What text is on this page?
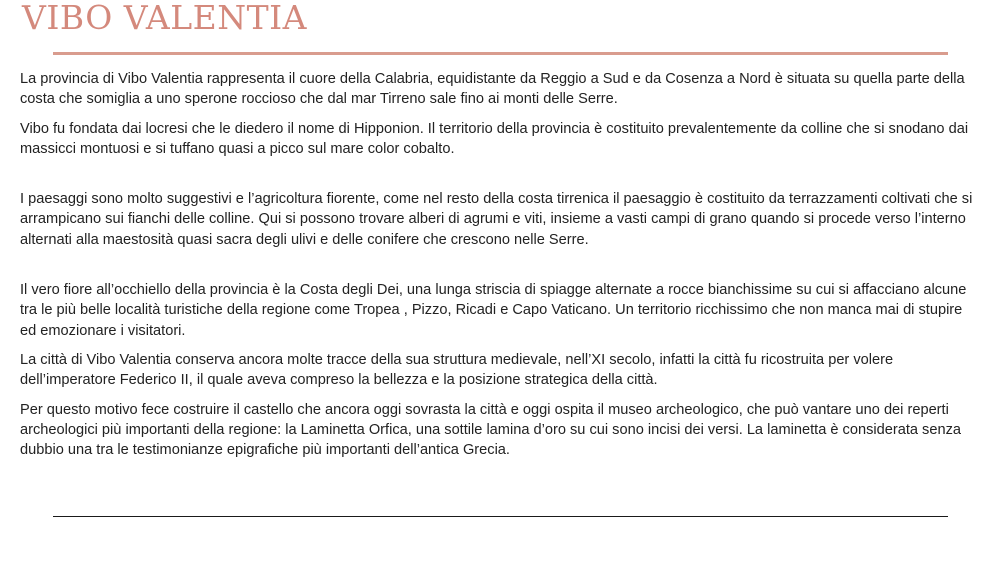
VIBO VALENTIA

La provincia di Vibo Valentia rappresenta il cuore della Calabria, equidistante da Reggio a Sud e da Cosenza a Nord è situata su quella parte della costa che somiglia a uno sperone roccioso che dal mar Tirreno sale fino ai monti delle Serre.

Vibo fu fondata dai locresi che le diedero il nome di Hipponion. Il territorio della provincia è costituito prevalentemente da colline che si snodano dai massicci montuosi e si tuffano quasi a picco sul mare color cobalto.

I paesaggi sono molto suggestivi e l’agricoltura fiorente, come nel resto della costa tirrenica il paesaggio è costituito da terrazzamenti coltivati che si arrampicano sui fianchi delle colline. Qui si possono trovare alberi di agrumi e viti, insieme a vasti campi di grano quando si procede verso l’interno alternati alla maestosità quasi sacra degli ulivi e delle conifere che crescono nelle Serre.

Il vero fiore all’occhiello della provincia è la Costa degli Dei, una lunga striscia di spiagge alternate a rocce bianchissime su cui si affacciano alcune tra le più belle località turistiche della regione come Tropea , Pizzo, Ricadi e Capo Vaticano. Un territorio ricchissimo che non manca mai di stupire ed emozionare i visitatori.

La città di Vibo Valentia conserva ancora molte tracce della sua struttura medievale, nell’XI secolo, infatti la città fu ricostruita per volere dell’imperatore Federico II, il quale aveva compreso la bellezza e la posizione strategica della città.

Per questo motivo fece costruire il castello che ancora oggi sovrasta la città e oggi ospita il museo archeologico, che può vantare uno dei reperti archeologici più importanti della regione: la Laminetta Orfica, una sottile lamina d’oro su cui sono incisi dei versi. La laminetta è considerata senza dubbio una tra le testimonianze epigrafiche più importanti dell’antica Grecia.
